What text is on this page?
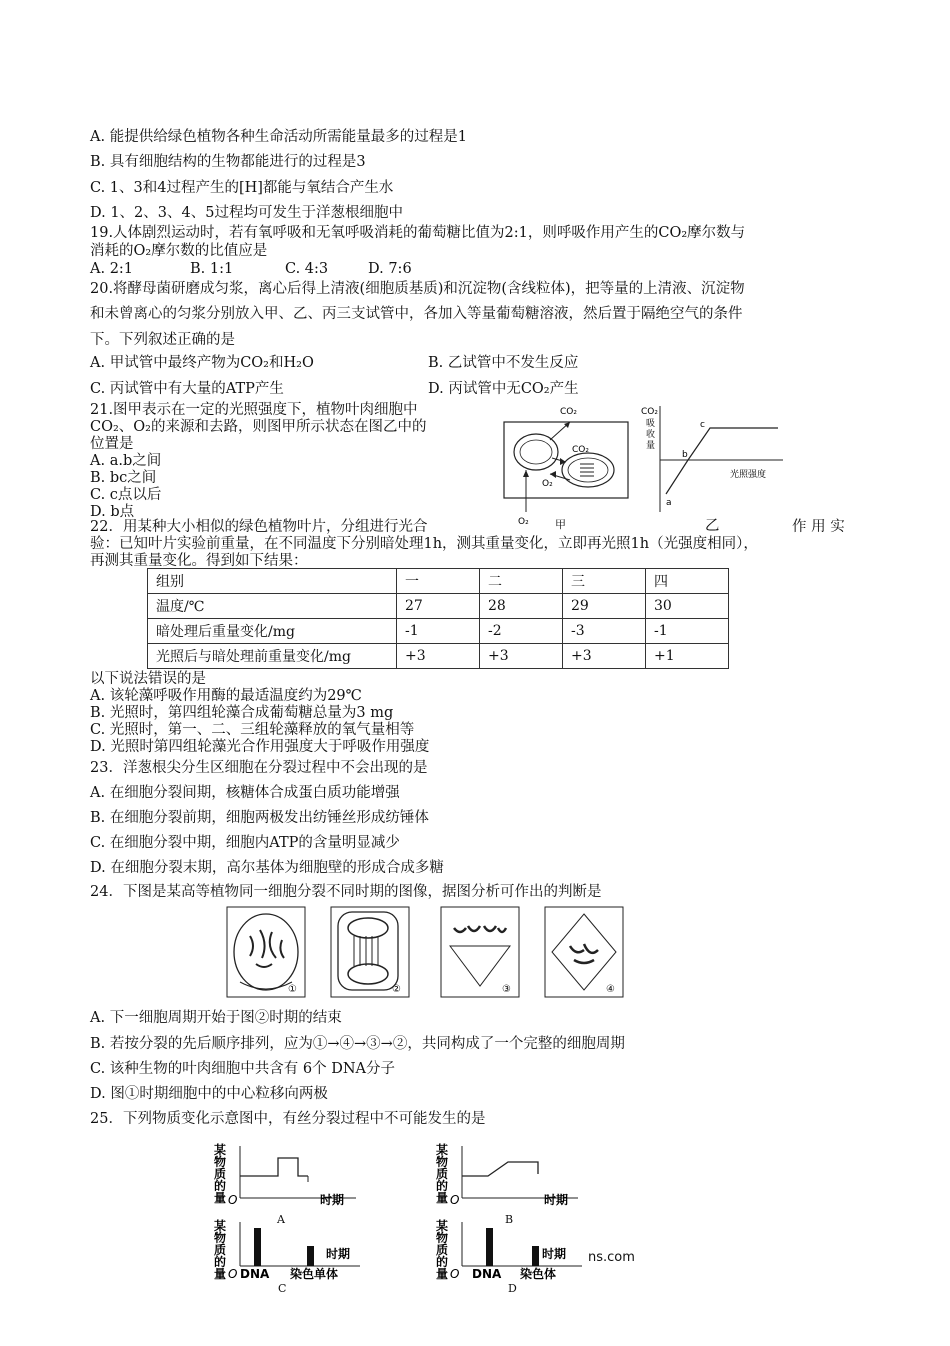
A. 能提供给绿色植物各种生命活动所需能量最多的过程是1
B. 具有细胞结构的生物都能进行的过程是3
C. 1、3和4过程产生的[H]都能与氧结合产生水
D. 1、2、3、4、5过程均可发生于洋葱根细胞中
19.人体剧烈运动时，若有氧呼吸和无氧呼吸消耗的葡萄糖比值为2:1，则呼吸作用产生的CO₂摩尔数与
消耗的O₂摩尔数的比值应是
A. 2:1	B. 1:1	C. 4:3	D. 7:6
20.将酵母菌研磨成匀浆，离心后得上清液(细胞质基质)和沉淀物(含线粒体)，把等量的上清液、沉淀物
和未曾离心的匀浆分别放入甲、乙、丙三支试管中，各加入等量葡萄糖溶液，然后置于隔绝空气的条件
下。下列叙述正确的是
A. 甲试管中最终产物为CO₂和H₂O	B. 乙试管中不发生反应
C. 丙试管中有大量的ATP产生	D. 丙试管中无CO₂产生
21.图甲表示在一定的光照强度下，植物叶肉细胞中
CO₂、O₂的来源和去路，则图甲所示状态在图乙中的
位置是
A. a.b之间
B. bc之间
C. c点以后
D. b点
CO₂
CO₂
O₂
O₂ 甲
CO₂
吸
收
量
a
b
c
光照强度
乙
22．用某种大小相似的绿色植物叶片，分组进行光合	作 用 实
验：已知叶片实验前重量，在不同温度下分别暗处理1h，测其重量变化，立即再光照1h（光强度相同），
再测其重量变化。得到如下结果：
组别	一	二	三	四
温度/℃	27	28	29	30
暗处理后重量变化/mg	-1	-2	-3	-1
光照后与暗处理前重量变化/mg	+3	+3	+3	+1
以下说法错误的是
A. 该轮藻呼吸作用酶的最适温度约为29℃
B. 光照时，第四组轮藻合成葡萄糖总量为3 mg
C. 光照时，第一、二、三组轮藻释放的氧气量相等
D. 光照时第四组轮藻光合作用强度大于呼吸作用强度
23．洋葱根尖分生区细胞在分裂过程中不会出现的是
A. 在细胞分裂间期，核糖体合成蛋白质功能增强
B. 在细胞分裂前期，细胞两极发出纺锤丝形成纺锤体
C. 在细胞分裂中期，细胞内ATP的含量明显减少
D. 在细胞分裂末期，高尔基体为细胞壁的形成合成多糖
24．下图是某高等植物同一细胞分裂不同时期的图像，据图分析可作出的判断是
①	②	③	④
A. 下一细胞周期开始于图②时期的结束
B. 若按分裂的先后顺序排列，应为①→④→③→②，共同构成了一个完整的细胞周期
C. 该种生物的叶肉细胞中共含有 6个 DNA分子
D. 图①时期细胞中的中心粒移向两极
25．下列物质变化示意图中，有丝分裂过程中不可能发生的是
某
物
质
的
量 O	时期
A
某
物
质
的
量 O	时期
B
某
物
质
的
量 O
时期
DNA 染色单体
C
某
物
质
的
量 O
时期
DNA 染色体
D
ns.com
